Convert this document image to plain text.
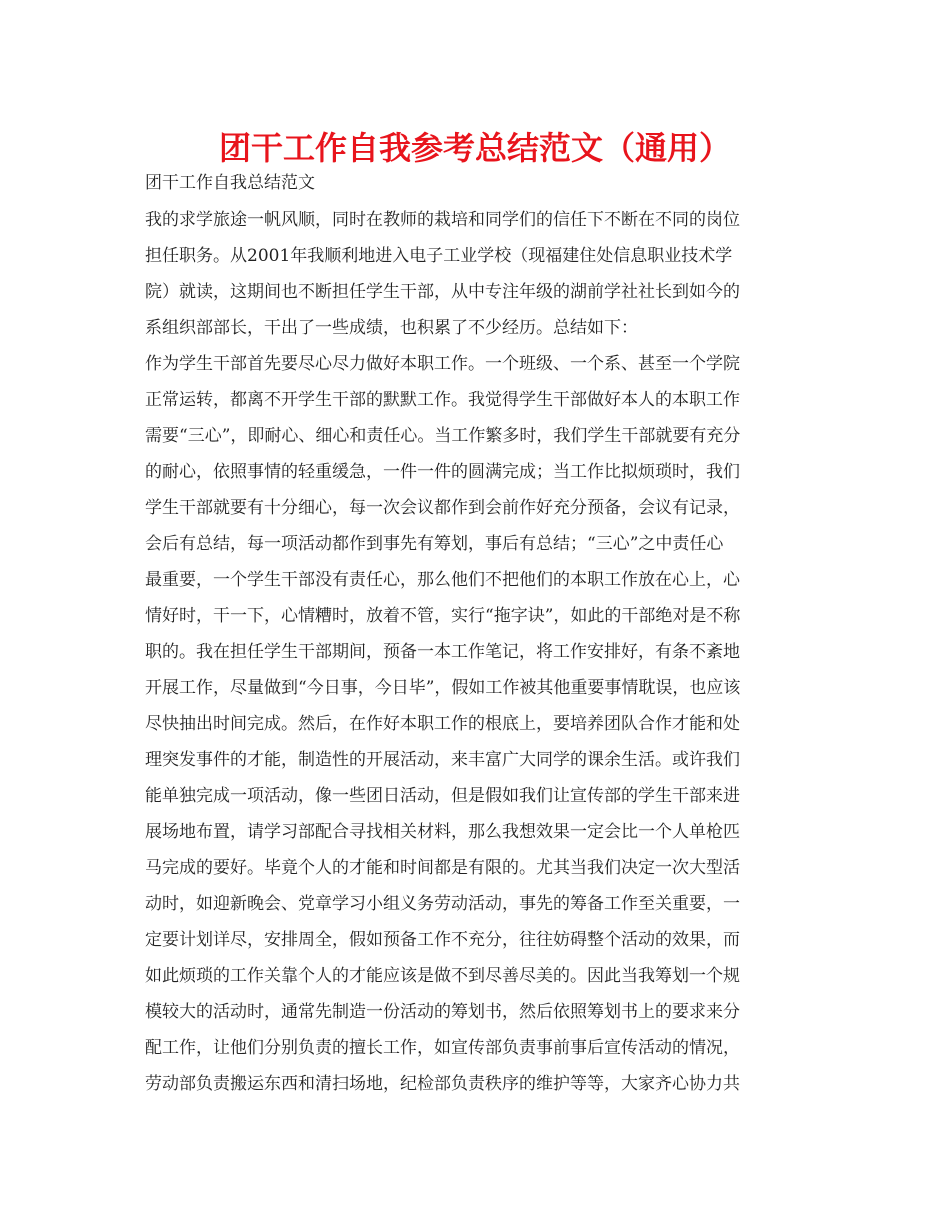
团干工作自我参考总结范文（通用）
团干工作自我总结范文
我的求学旅途一帆风顺，同时在教师的栽培和同学们的信任下不断在不同的岗位
担任职务。从2001年我顺利地进入电子工业学校（现福建住处信息职业技术学
院）就读，这期间也不断担任学生干部，从中专注年级的湖前学社社长到如今的
系组织部部长，干出了一些成绩，也积累了不少经历。总结如下：
作为学生干部首先要尽心尽力做好本职工作。一个班级、一个系、甚至一个学院
正常运转，都离不开学生干部的默默工作。我觉得学生干部做好本人的本职工作
需要“三心”，即耐心、细心和责任心。当工作繁多时，我们学生干部就要有充分
的耐心，依照事情的轻重缓急，一件一件的圆满完成；当工作比拟烦琐时，我们
学生干部就要有十分细心，每一次会议都作到会前作好充分预备，会议有记录，
会后有总结，每一项活动都作到事先有筹划，事后有总结；“三心”之中责任心
最重要，一个学生干部没有责任心，那么他们不把他们的本职工作放在心上，心
情好时，干一下，心情糟时，放着不管，实行“拖字诀”，如此的干部绝对是不称
职的。我在担任学生干部期间，预备一本工作笔记，将工作安排好，有条不紊地
开展工作，尽量做到“今日事，今日毕”，假如工作被其他重要事情耽误，也应该
尽快抽出时间完成。然后，在作好本职工作的根底上，要培养团队合作才能和处
理突发事件的才能，制造性的开展活动，来丰富广大同学的课余生活。或许我们
能单独完成一项活动，像一些团日活动，但是假如我们让宣传部的学生干部来进
展场地布置，请学习部配合寻找相关材料，那么我想效果一定会比一个人单枪匹
马完成的要好。毕竟个人的才能和时间都是有限的。尤其当我们决定一次大型活
动时，如迎新晚会、党章学习小组义务劳动活动，事先的筹备工作至关重要，一
定要计划详尽，安排周全，假如预备工作不充分，往往妨碍整个活动的效果，而
如此烦琐的工作关靠个人的才能应该是做不到尽善尽美的。因此当我筹划一个规
模较大的活动时，通常先制造一份活动的筹划书，然后依照筹划书上的要求来分
配工作，让他们分别负责的擅长工作，如宣传部负责事前事后宣传活动的情况，
劳动部负责搬运东西和清扫场地，纪检部负责秩序的维护等等，大家齐心协力共
